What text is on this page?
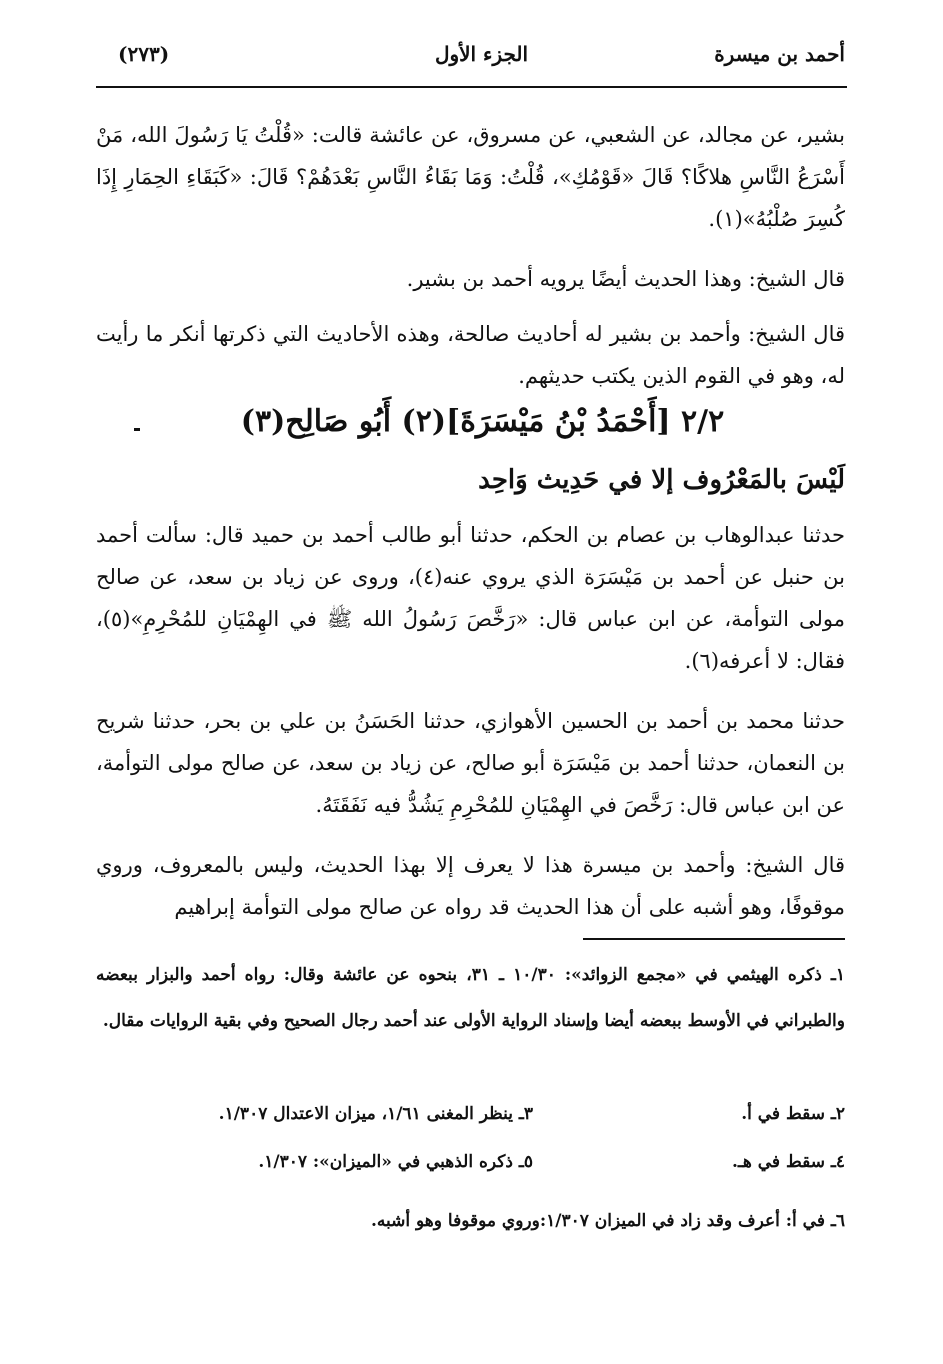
(٢٧٣)	الجزء الأول	أحمد بن ميسرة
بشير، عن مجالد، عن الشعبي، عن مسروق، عن عائشة قالت: «قُلْتُ يَا رَسُولَ الله، مَنْ أَسْرَعُ النَّاسِ هلاكًا؟ قَالَ «قَوْمُكِ»، قُلْتُ: وَمَا بَقَاءُ النَّاسِ بَعْدَهُمْ؟ قَالَ: «كَبَقَاءِ الحِمَارِ إِذَا كُسِرَ صُلْبُهُ»(١).
قال الشيخ: وهذا الحديث أيضًا يرويه أحمد بن بشير.
قال الشيخ: وأحمد بن بشير له أحاديث صالحة، وهذه الأحاديث التي ذكرتها أنكر ما رأيت له، وهو في القوم الذين يكتب حديثهم.
٢/٢ [أَحْمَدُ بْنُ مَيْسَرَةَ](٢) أَبُو صَالِح(٣)
لَيْسَ بالمَعْرُوف إلا في حَدِيث وَاحِد
حدثنا عبدالوهاب بن عصام بن الحكم، حدثنا أبو طالب أحمد بن حميد قال: سألت أحمد بن حنبل عن أحمد بن مَيْسَرَة الذي يروي عنه(٤)، وروى عن زياد بن سعد، عن صالح مولى التوأمة، عن ابن عباس قال: «رَخَّصَ رَسُولُ الله ﷺ في الهِمْيَانِ للمُحْرِمِ»(٥)، فقال: لا أعرفه(٦).
حدثنا محمد بن أحمد بن الحسين الأهوازي، حدثنا الحَسَنُ بن علي بن بحر، حدثنا شريح بن النعمان، حدثنا أحمد بن مَيْسَرَة أبو صالح، عن زياد بن سعد، عن صالح مولى التوأمة، عن ابن عباس قال: رَخَّصَ في الهِمْيَانِ للمُحْرِمِ يَشُدُّ فيه نَفَقَتَهُ.
قال الشيخ: وأحمد بن ميسرة هذا لا يعرف إلا بهذا الحديث، وليس بالمعروف، وروي موقوفًا، وهو أشبه على أن هذا الحديث قد رواه عن صالح مولى التوأمة إبراهيم
١ـ ذكره الهيثمي في «مجمع الزوائد»: ١٠/٣٠ ـ ٣١، بنحوه عن عائشة وقال: رواه أحمد والبزار ببعضه والطبراني في الأوسط ببعضه أيضا وإسناد الرواية الأولى عند أحمد رجال الصحيح وفي بقية الروايات مقال.
٢ـ سقط في أ.
٣ـ ينظر المغنى ١/٦١، ميزان الاعتدال ١/٣٠٧.
٤ـ سقط في هـ.
٥ـ ذكره الذهبي في «الميزان»: ١/٣٠٧.
٦ـ في أ: أعرف وقد زاد في الميزان ١/٣٠٧:وروي موقوفا وهو أشبه.
